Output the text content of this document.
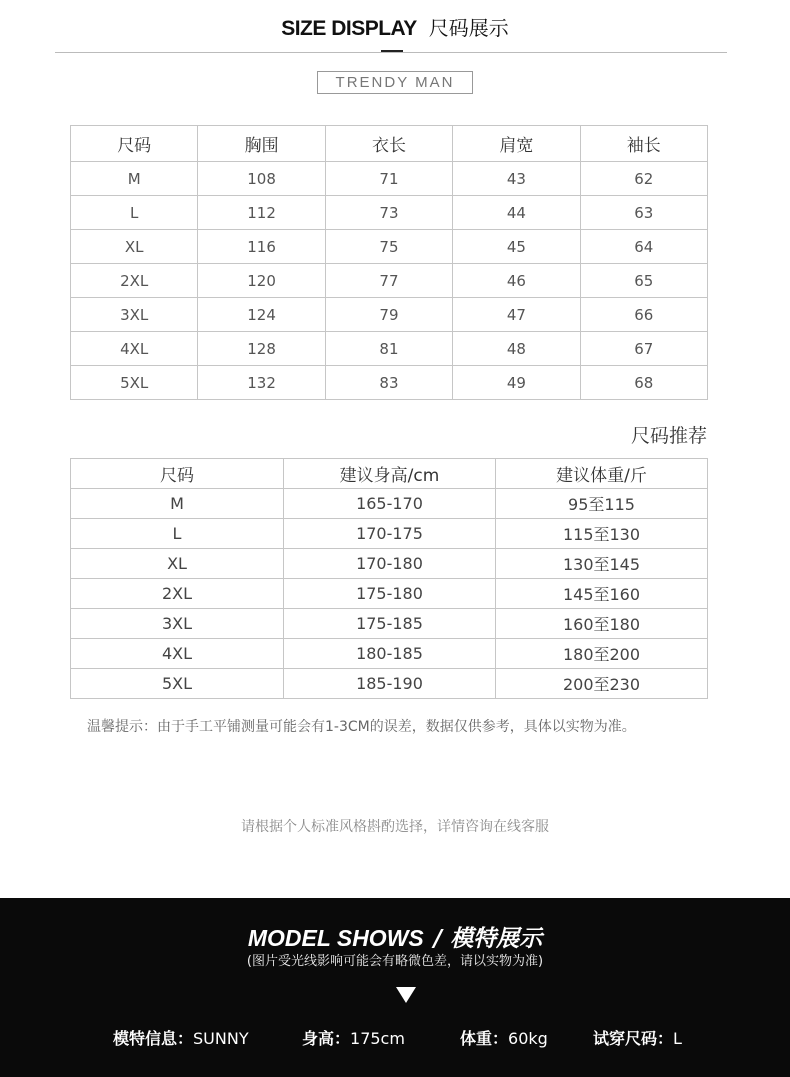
SIZE DISPLAY 尺码展示
TRENDY MAN
尺码	胸围	衣长	肩宽	袖长
M	108	71	43	62
L	112	73	44	63
XL	116	75	45	64
2XL	120	77	46	65
3XL	124	79	47	66
4XL	128	81	48	67
5XL	132	83	49	68
尺码推荐
尺码	建议身高/cm	建议体重/斤
M	165-170	95至115
L	170-175	115至130
XL	170-180	130至145
2XL	175-180	145至160
3XL	175-185	160至180
4XL	180-185	180至200
5XL	185-190	200至230
温馨提示：由于手工平铺测量可能会有1-3CM的误差，数据仅供参考，具体以实物为准。
请根据个人标准风格斟酌选择，详情咨询在线客服
MODEL SHOWS / 模特展示
(图片受光线影响可能会有略微色差，请以实物为准)
模特信息：SUNNY	身高：175cm	体重：60kg	试穿尺码：L
